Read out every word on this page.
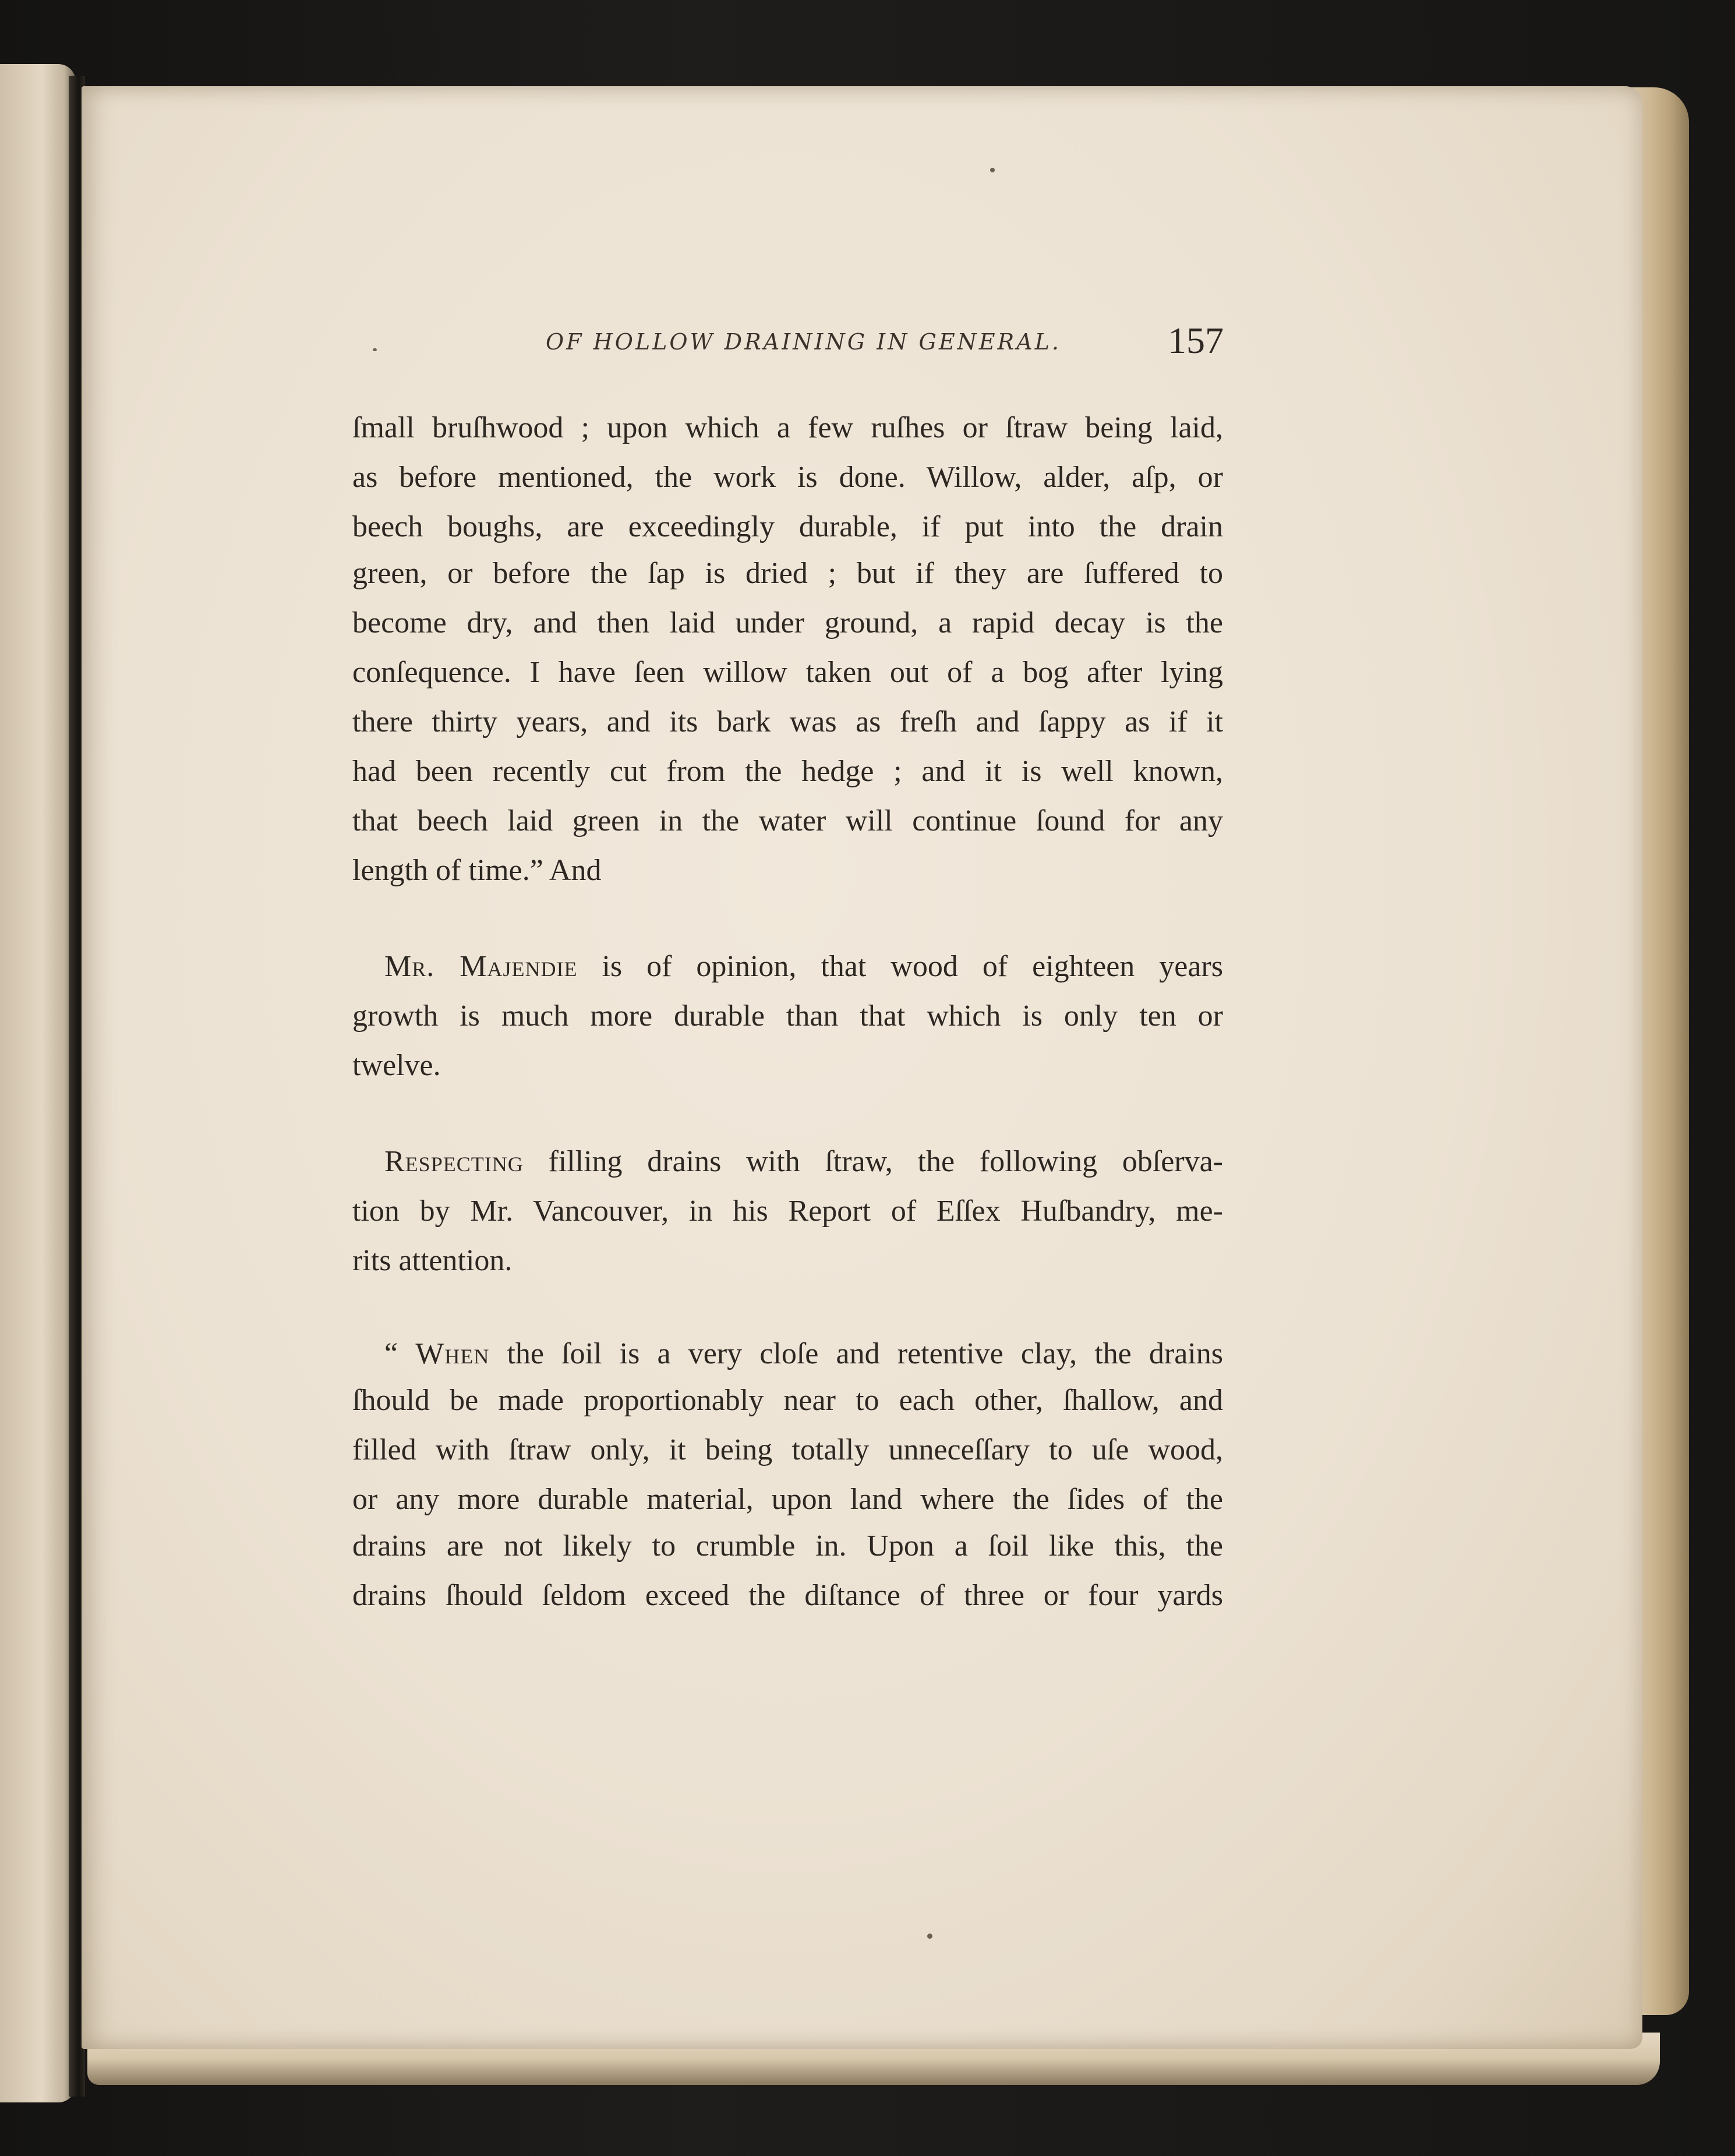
OF HOLLOW DRAINING IN GENERAL.	157
ſmall bruſhwood ; upon which a few ruſhes or ſtraw being laid,
as before mentioned, the work is done. Willow, alder, aſp, or
beech boughs, are exceedingly durable, if put into the drain
green, or before the ſap is dried ; but if they are ſuffered to
become dry, and then laid under ground, a rapid decay is the
conſequence. I have ſeen willow taken out of a bog after lying
there thirty years, and its bark was as freſh and ſappy as if it
had been recently cut from the hedge ; and it is well known,
that beech laid green in the water will continue ſound for any
length of time.” And
Mr. Majendie is of opinion, that wood of eighteen years
growth is much more durable than that which is only ten or
twelve.
Respecting filling drains with ſtraw, the following obſerva-
tion by Mr. Vancouver, in his Report of Eſſex Huſbandry, me-
rits attention.
“ When the ſoil is a very cloſe and retentive clay, the drains
ſhould be made proportionably near to each other, ſhallow, and
filled with ſtraw only, it being totally unneceſſary to uſe wood,
or any more durable material, upon land where the ſides of the
drains are not likely to crumble in. Upon a ſoil like this, the
drains ſhould ſeldom exceed the diſtance of three or four yards
